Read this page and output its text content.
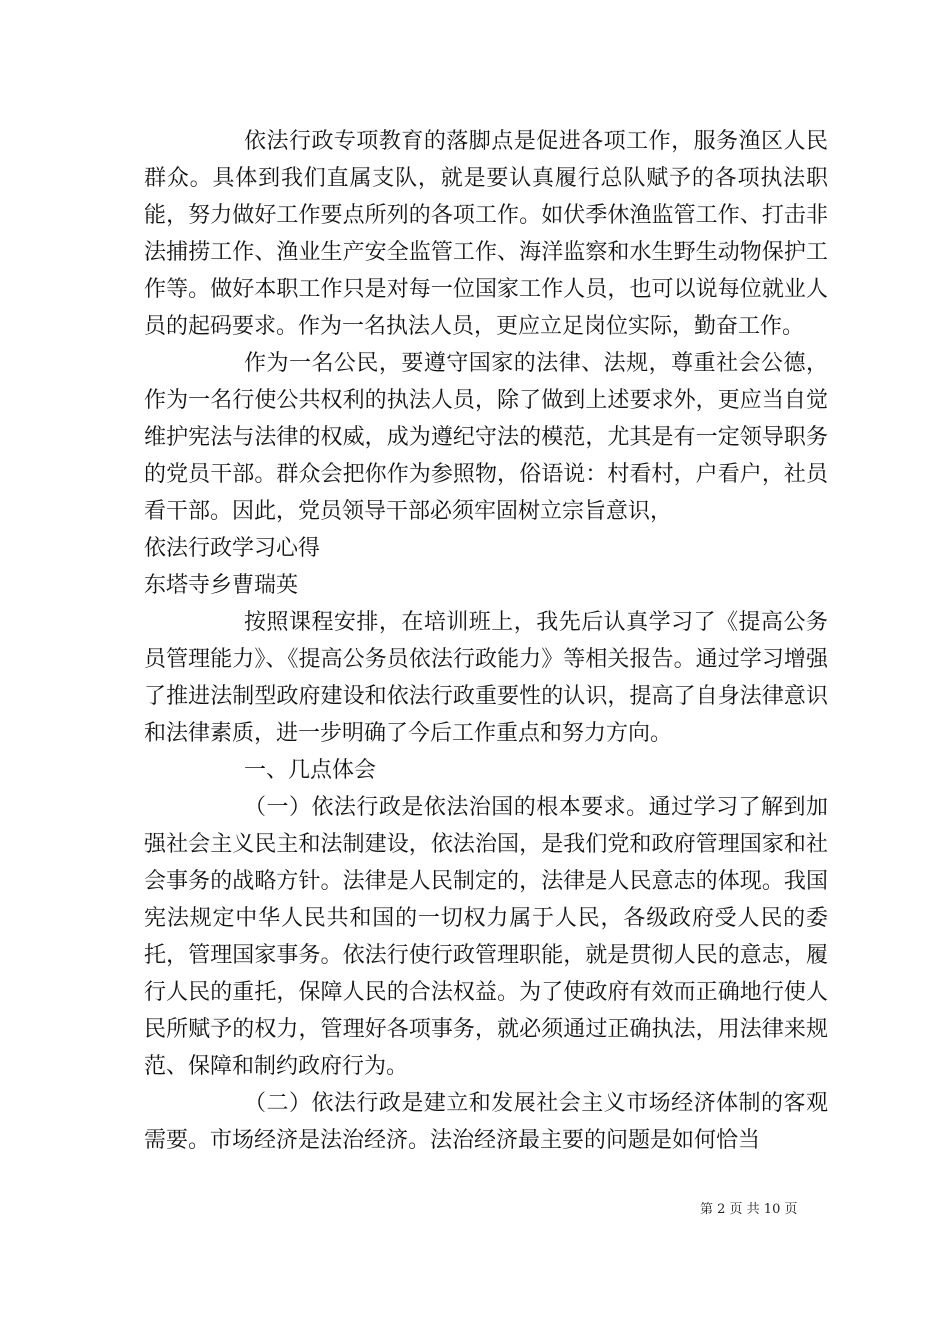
依法行政专项教育的落脚点是促进各项工作，服务渔区人民群众。具体到我们直属支队，就是要认真履行总队赋予的各项执法职能，努力做好工作要点所列的各项工作。如伏季休渔监管工作、打击非法捕捞工作、渔业生产安全监管工作、海洋监察和水生野生动物保护工作等。做好本职工作只是对每一位国家工作人员，也可以说每位就业人员的起码要求。作为一名执法人员，更应立足岗位实际，勤奋工作。

作为一名公民，要遵守国家的法律、法规，尊重社会公德，作为一名行使公共权利的执法人员，除了做到上述要求外，更应当自觉维护宪法与法律的权威，成为遵纪守法的模范，尤其是有一定领导职务的党员干部。群众会把你作为参照物，俗语说：村看村，户看户，社员看干部。因此，党员领导干部必须牢固树立宗旨意识，

依法行政学习心得

东塔寺乡曹瑞英

按照课程安排，在培训班上，我先后认真学习了《提高公务员管理能力》、《提高公务员依法行政能力》等相关报告。通过学习增强了推进法制型政府建设和依法行政重要性的认识，提高了自身法律意识和法律素质，进一步明确了今后工作重点和努力方向。

一、几点体会

（一）依法行政是依法治国的根本要求。通过学习了解到加强社会主义民主和法制建设，依法治国，是我们党和政府管理国家和社会事务的战略方针。法律是人民制定的，法律是人民意志的体现。我国宪法规定中华人民共和国的一切权力属于人民，各级政府受人民的委托，管理国家事务。依法行使行政管理职能，就是贯彻人民的意志，履行人民的重托，保障人民的合法权益。为了使政府有效而正确地行使人民所赋予的权力，管理好各项事务，就必须通过正确执法，用法律来规范、保障和制约政府行为。

（二）依法行政是建立和发展社会主义市场经济体制的客观需要。市场经济是法治经济。法治经济最主要的问题是如何恰当

第 2 页 共 10 页
